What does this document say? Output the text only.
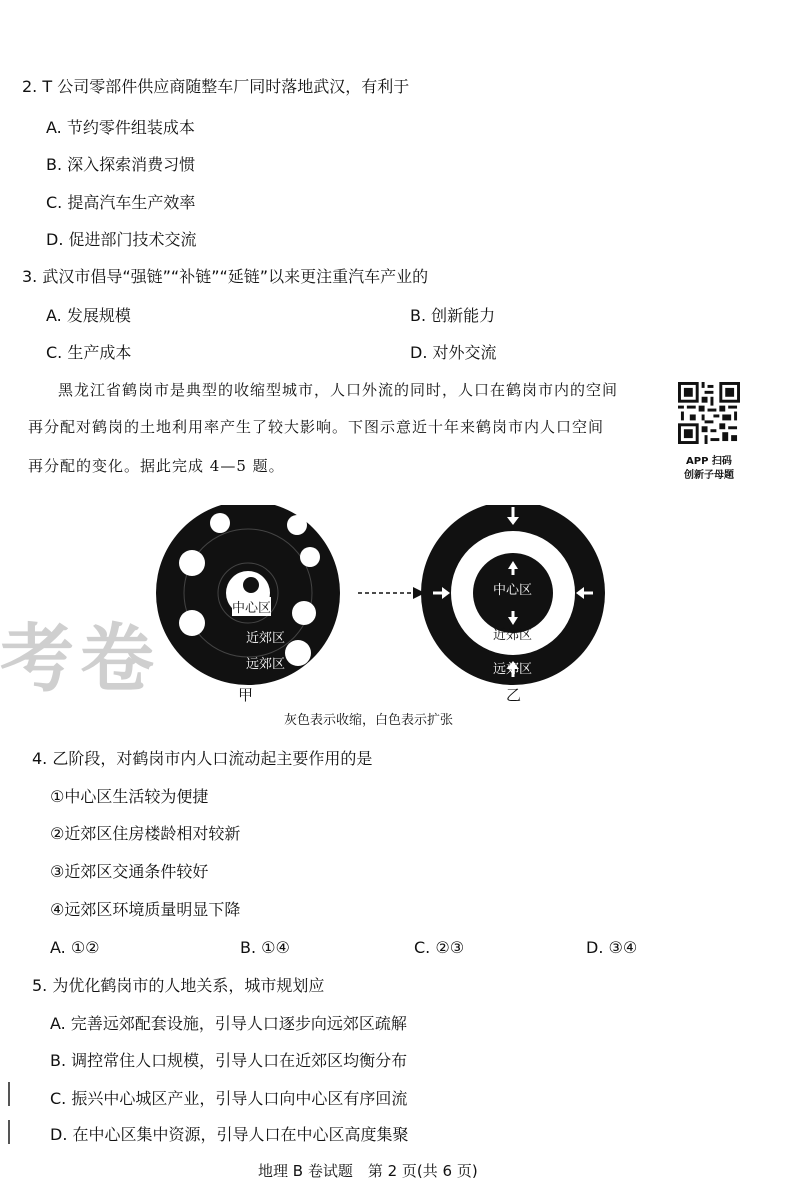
2. T 公司零部件供应商随整车厂同时落地武汉，有利于
A. 节约零件组装成本
B. 深入探索消费习惯
C. 提高汽车生产效率
D. 促进部门技术交流
3. 武汉市倡导“强链”“补链”“延链”以来更注重汽车产业的
A. 发展规模	B. 创新能力
C. 生产成本	D. 对外交流
黑龙江省鹤岗市是典型的收缩型城市，人口外流的同时，人口在鹤岗市内的空间
再分配对鹤岗的土地利用率产生了较大影响。下图示意近十年来鹤岗市内人口空间
再分配的变化。据此完成 4—5 题。	APP 扫码
创新子母题
考卷
中心区
近郊区
远郊区
中心区
近郊区
远郊区
甲	乙
灰色表示收缩，白色表示扩张
4. 乙阶段，对鹤岗市内人口流动起主要作用的是
①中心区生活较为便捷
②近郊区住房楼龄相对较新
③近郊区交通条件较好
④远郊区环境质量明显下降
A. ①②	B. ①④	C. ②③	D. ③④
5. 为优化鹤岗市的人地关系，城市规划应
A. 完善远郊配套设施，引导人口逐步向远郊区疏解
B. 调控常住人口规模，引导人口在近郊区均衡分布
C. 振兴中心城区产业，引导人口向中心区有序回流
D. 在中心区集中资源，引导人口在中心区高度集聚
地理 B 卷试题　第 2 页(共 6 页)
